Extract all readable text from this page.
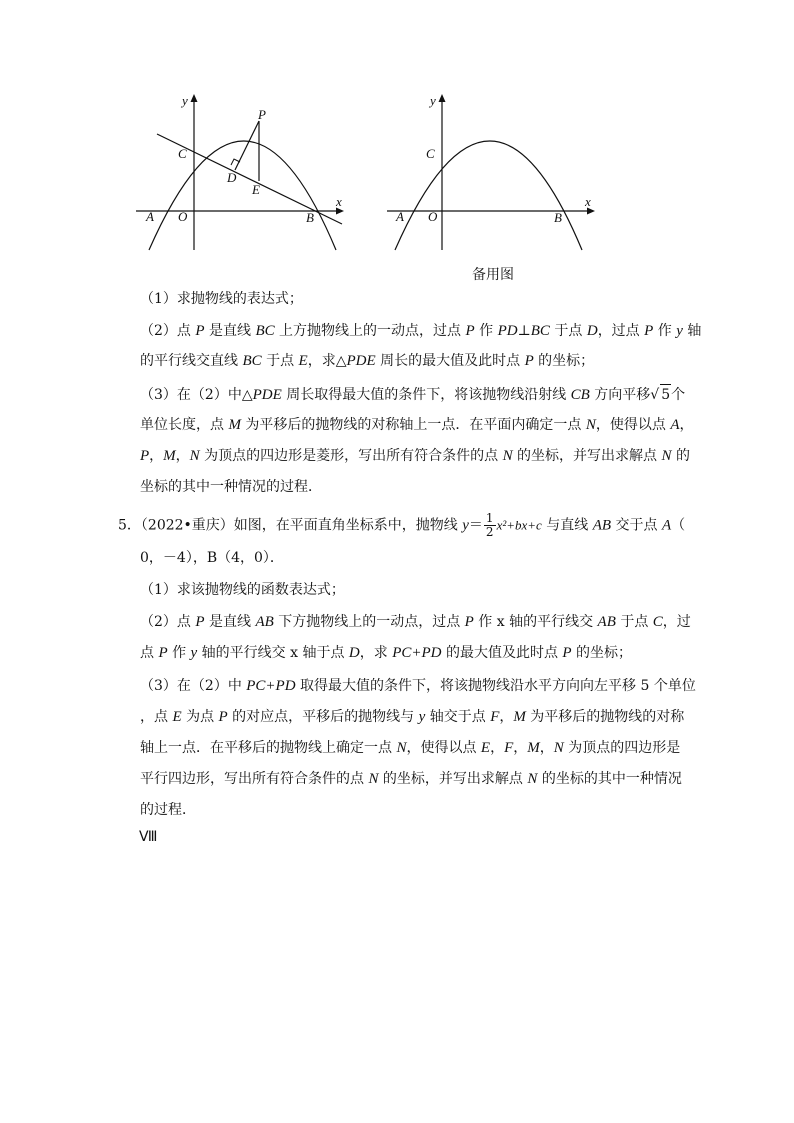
y
x
P
C
D
E
A O	B
y
x
C
A O	B
备用图
（1）求抛物线的表达式；
（2）点 P 是直线 BC 上方抛物线上的一动点，过点 P 作 PD⊥BC 于点 D，过点 P 作 y 轴
的平行线交直线 BC 于点 E，求△PDE 周长的最大值及此时点 P 的坐标；
（3）在（2）中△PDE 周长取得最大值的条件下，将该抛物线沿射线 CB 方向平移√ 5个
单位长度，点 M 为平移后的抛物线的对称轴上一点．在平面内确定一点 N，使得以点 A，
P，M，N 为顶点的四边形是菱形，写出所有符合条件的点 N 的坐标，并写出求解点 N 的
坐标的其中一种情况的过程．
5．（2022•重庆）如图，在平面直角坐标系中，抛物线 $y= \frac{1}{2} x^2+bx+c$ 与直线 AB 交于点 A（
0，－4），B（4，0）．
（1）求该抛物线的函数表达式；
（2）点 P 是直线 AB 下方抛物线上的一动点，过点 P 作 x 轴的平行线交 AB 于点 C，过
点 P 作 y 轴的平行线交 x 轴于点 D，求 PC+PD 的最大值及此时点 P 的坐标；
（3）在（2）中 PC+PD 取得最大值的条件下，将该抛物线沿水平方向向左平移 5 个单位
，点 E 为点 P 的对应点，平移后的抛物线与 y 轴交于点 F，M 为平移后的抛物线的对称
轴上一点．在平移后的抛物线上确定一点 N，使得以点 E，F，M，N 为顶点的四边形是
平行四边形，写出所有符合条件的点 N 的坐标，并写出求解点 N 的坐标的其中一种情况
的过程．
Ⅷ
